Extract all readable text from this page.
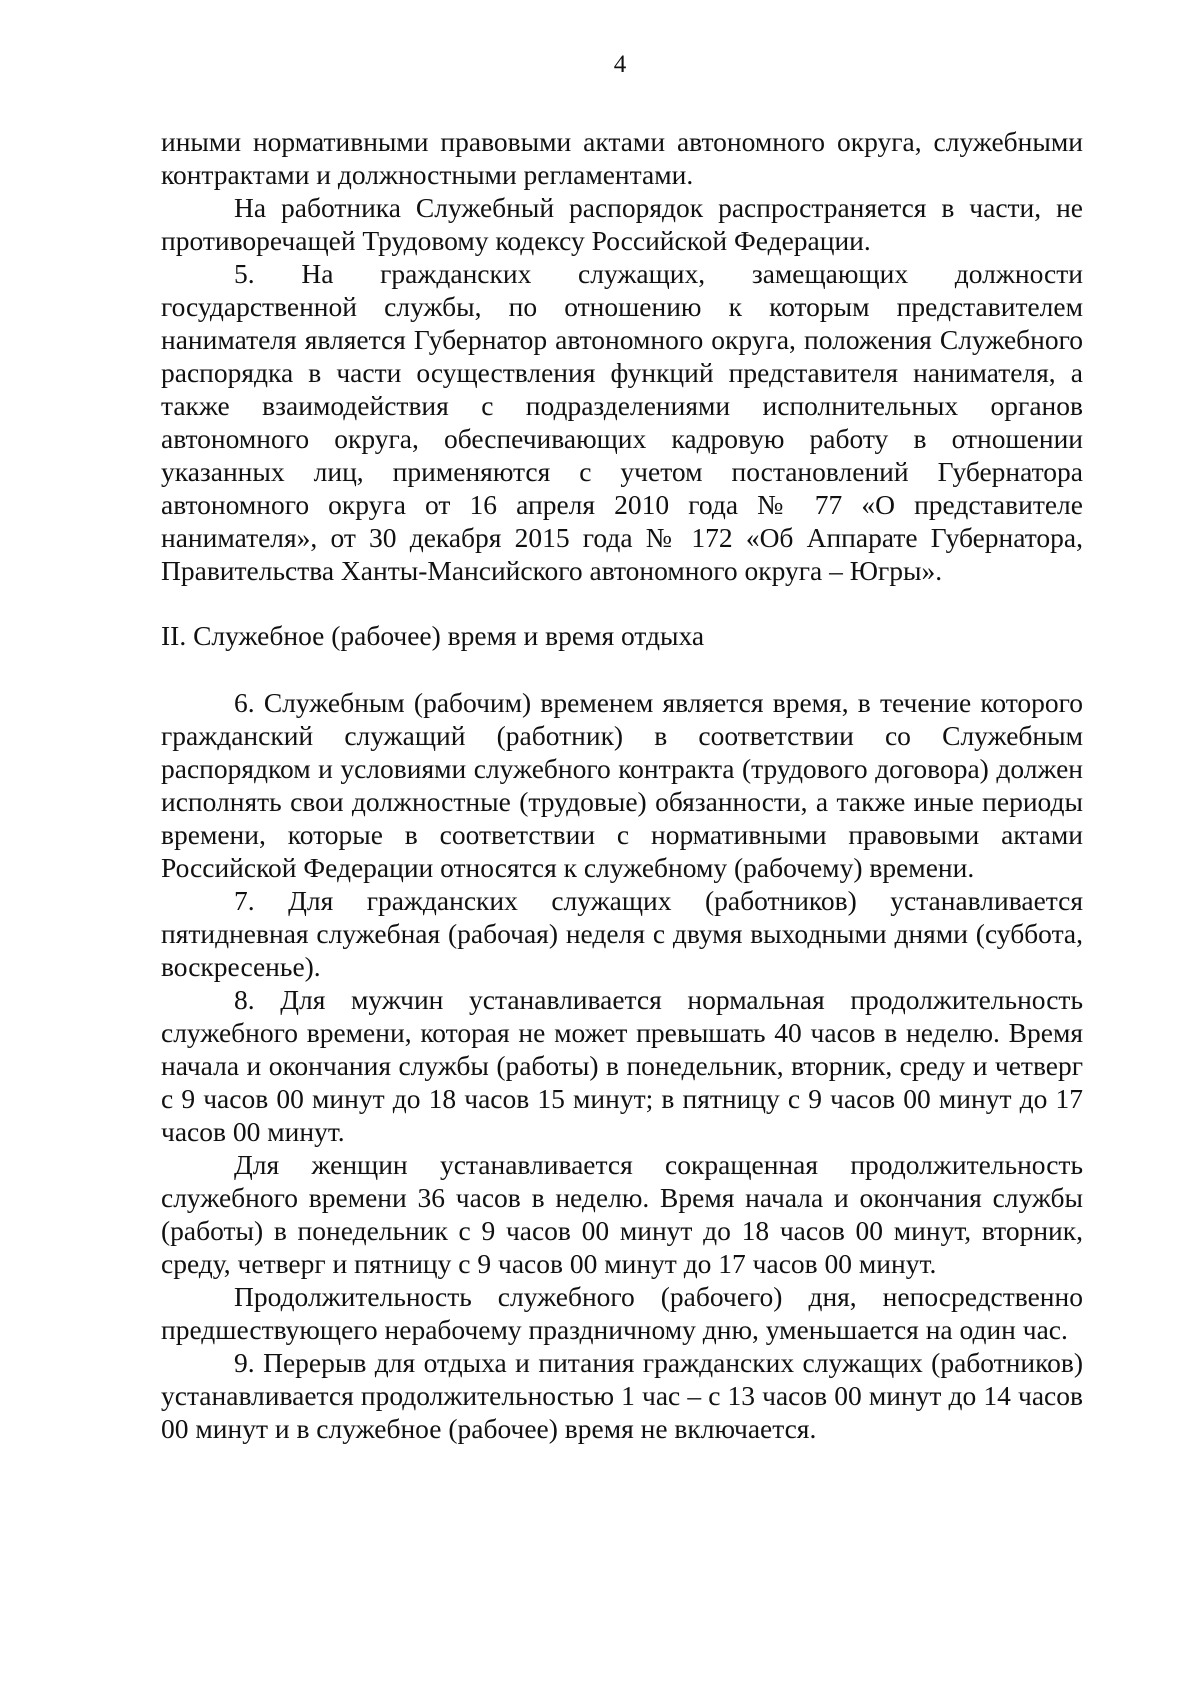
4

иными нормативными правовыми актами автономного округа, служебными контрактами и должностными регламентами.

На работника Служебный распорядок распространяется в части, не противоречащей Трудовому кодексу Российской Федерации.

5. На гражданских служащих, замещающих должности государственной службы, по отношению к которым представителем нанимателя является Губернатор автономного округа, положения Служебного распорядка в части осуществления функций представителя нанимателя, а также взаимодействия с подразделениями исполнительных органов автономного округа, обеспечивающих кадровую работу в отношении указанных лиц, применяются с учетом постановлений Губернатора автономного округа от 16 апреля 2010 года № 77 «О представителе нанимателя», от 30 декабря 2015 года № 172 «Об Аппарате Губернатора, Правительства Ханты-Мансийского автономного округа – Югры».

II. Служебное (рабочее) время и время отдыха

6. Служебным (рабочим) временем является время, в течение которого гражданский служащий (работник) в соответствии со Служебным распорядком и условиями служебного контракта (трудового договора) должен исполнять свои должностные (трудовые) обязанности, а также иные периоды времени, которые в соответствии с нормативными правовыми актами Российской Федерации относятся к служебному (рабочему) времени.

7. Для гражданских служащих (работников) устанавливается пятидневная служебная (рабочая) неделя с двумя выходными днями (суббота, воскресенье).

8. Для мужчин устанавливается нормальная продолжительность служебного времени, которая не может превышать 40 часов в неделю. Время начала и окончания службы (работы) в понедельник, вторник, среду и четверг с 9 часов 00 минут до 18 часов 15 минут; в пятницу с 9 часов 00 минут до 17 часов 00 минут.

Для женщин устанавливается сокращенная продолжительность служебного времени 36 часов в неделю. Время начала и окончания службы (работы) в понедельник с 9 часов 00 минут до 18 часов 00 минут, вторник, среду, четверг и пятницу с 9 часов 00 минут до 17 часов 00 минут.

Продолжительность служебного (рабочего) дня, непосредственно предшествующего нерабочему праздничному дню, уменьшается на один час.

9. Перерыв для отдыха и питания гражданских служащих (работников) устанавливается продолжительностью 1 час – с 13 часов 00 минут до 14 часов 00 минут и в служебное (рабочее) время не включается.
